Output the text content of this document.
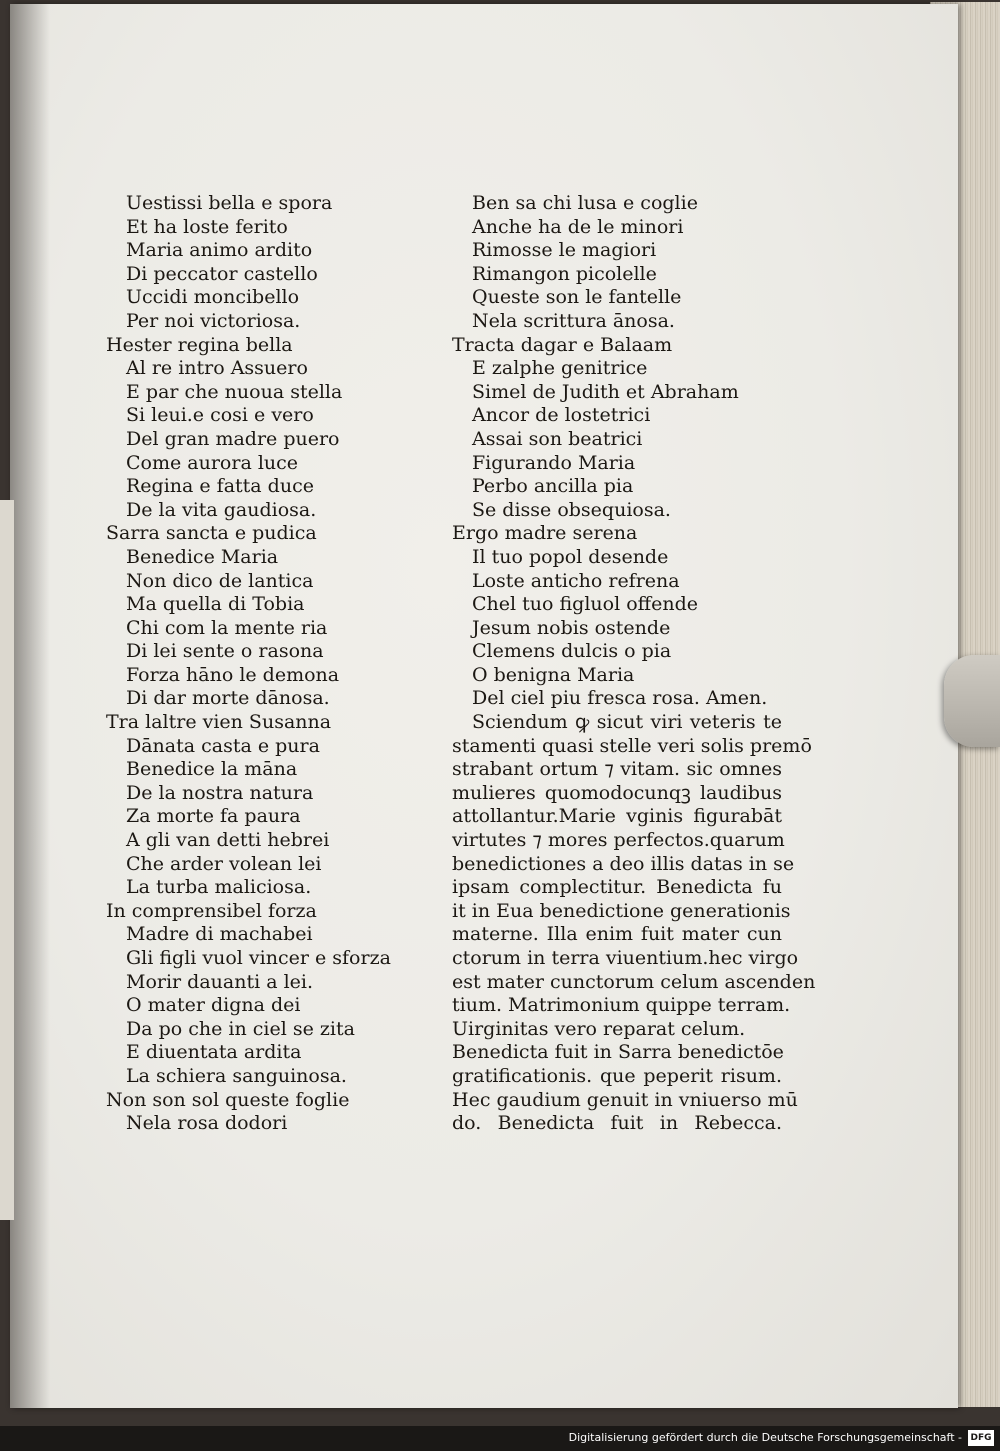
Uestissi bella e spora
Et ha loste ferito
Maria animo ardito
Di peccator castello
Uccidi moncibello
Per noi victoriosa.
Hester regina bella
Al re intro Assuero
E par che nuoua stella
Si leui.e cosi e vero
Del gran madre puero
Come aurora luce
Regina e fatta duce
De la vita gaudiosa.
Sarra sancta e pudica
Benedice Maria
Non dico de lantica
Ma quella di Tobia
Chi com la mente ria
Di lei sente o rasona
Forza hāno le demona
Di dar morte dānosa.
Tra laltre vien Susanna
Dānata casta e pura
Benedice la māna
De la nostra natura
Za morte fa paura
A gli van detti hebrei
Che arder volean lei
La turba maliciosa.
In comprensibel forza
Madre di machabei
Gli figli vuol vincer e sforza
Morir dauanti a lei.
O mater digna dei
Da po che in ciel se zita
E diuentata ardita
La schiera sanguinosa.
Non son sol queste foglie
Nela rosa dodori
Ben sa chi lusa e coglie
Anche ha de le minori
Rimosse le magiori
Rimangon picolelle
Queste son le fantelle
Nela scrittura ānosa.
Tracta dagar e Balaam
E zalphe genitrice
Simel de Judith et Abraham
Ancor de lostetrici
Assai son beatrici
Figurando Maria
Perbo ancilla pia
Se disse obsequiosa.
Ergo madre serena
Il tuo popol desende
Loste anticho refrena
Chel tuo figluol offende
Jesum nobis ostende
Clemens dulcis o pia
O benigna Maria
Del ciel piu fresca rosa. Amen.
Sciendum ꝙ sicut viri veteris te
stamenti quasi stelle veri solis premō
strabant ortum ⁊ vitam. sic omnes
mulieres quomodocunqꝫ laudibus
attollantur.Marie vginis figurabāt
virtutes ⁊ mores perfectos.quarum
benedictiones a deo illis datas in se
ipsam complectitur. Benedicta fu
it in Eua benedictione generationis
materne. Illa enim fuit mater cun
ctorum in terra viuentium.hec virgo
est mater cunctorum celum ascenden
tium. Matrimonium quippe terram.
Uirginitas vero reparat celum.
Benedicta fuit in Sarra benedictōe
gratificationis. que peperit risum.
Hec gaudium genuit in vniuerso mū
do. Benedicta fuit in Rebecca.
Digitalisierung gefördert durch die Deutsche Forschungsgemeinschaft - DFG
